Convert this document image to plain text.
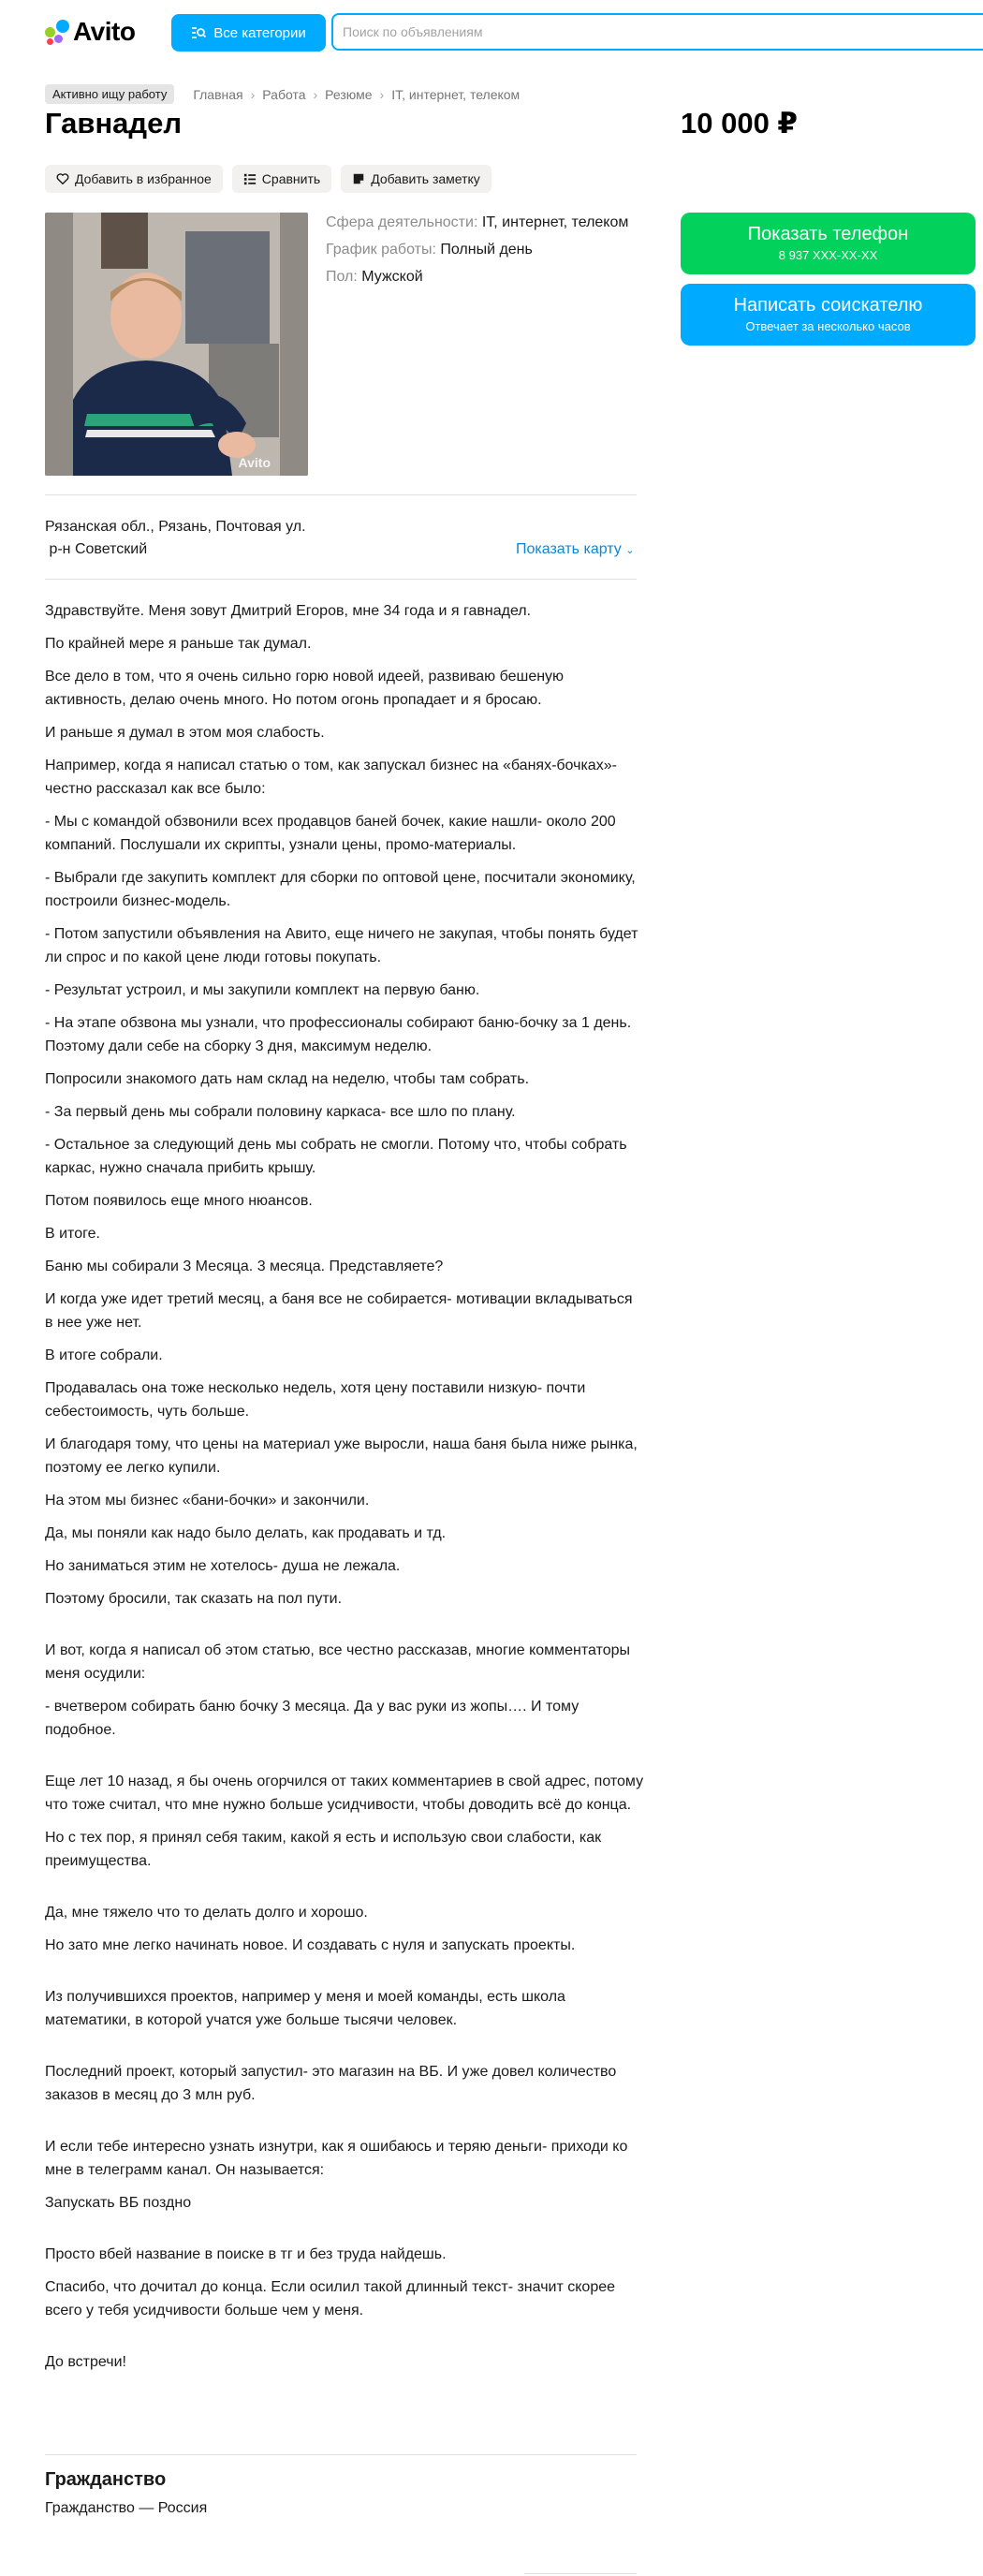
Avito	Все категории
Поиск по объявлениям
Активно ищу работу	Главная › Работа › Резюме › IT, интернет, телеком
Гавнадел	10 000 ₽
Добавить в избранное	Сравнить	Добавить заметку
Avito
Сфера деятельности: IT, интернет, телеком
График работы: Полный день
Пол: Мужской
Показать телефон
8 937 XXX-XX-XX
Написать соискателю
Отвечает за несколько часов
Рязанская обл., Рязань, Почтовая ул.
р-н Советский	Показать карту ⌄

Здравствуйте. Меня зовут Дмитрий Егоров, мне 34 года и я гавнадел.

По крайней мере я раньше так думал.

Все дело в том, что я очень сильно горю новой идеей, развиваю бешеную активность, делаю очень много. Но потом огонь пропадает и я бросаю.

И раньше я думал в этом моя слабость.

Например, когда я написал статью о том, как запускал бизнес на «банях-бочках»- честно рассказал как все было:

- Мы с командой обзвонили всех продавцов баней бочек, какие нашли- около 200 компаний. Послушали их скрипты, узнали цены, промо-материалы.

- Выбрали где закупить комплект для сборки по оптовой цене, посчитали экономику, построили бизнес-модель.

- Потом запустили объявления на Авито, еще ничего не закупая, чтобы понять будет ли спрос и по какой цене люди готовы покупать.

- Результат устроил, и мы закупили комплект на первую баню.

- На этапе обзвона мы узнали, что профессионалы собирают баню-бочку за 1 день. Поэтому дали себе на сборку 3 дня, максимум неделю.

Попросили знакомого дать нам склад на неделю, чтобы там собрать.

- За первый день мы собрали половину каркаса- все шло по плану.

- Остальное за следующий день мы собрать не смогли. Потому что, чтобы собрать каркас, нужно сначала прибить крышу.

Потом появилось еще много нюансов.

В итоге.

Баню мы собирали 3 Месяца. 3 месяца. Представляете?

И когда уже идет третий месяц, а баня все не собирается- мотивации вкладываться в нее уже нет.

В итоге собрали.

Продавалась она тоже несколько недель, хотя цену поставили низкую- почти себестоимость, чуть больше.

И благодаря тому, что цены на материал уже выросли, наша баня была ниже рынка, поэтому ее легко купили.

На этом мы бизнес «бани-бочки» и закончили.

Да, мы поняли как надо было делать, как продавать и тд.

Но заниматься этим не хотелось- душа не лежала.

Поэтому бросили, так сказать на пол пути.

И вот, когда я написал об этом статью, все честно рассказав, многие комментаторы меня осудили:

- вчетвером собирать баню бочку 3 месяца. Да у вас руки из жопы…. И тому подобное.

Еще лет 10 назад, я бы очень огорчился от таких комментариев в свой адрес, потому что тоже считал, что мне нужно больше усидчивости, чтобы доводить всё до конца.

Но с тех пор, я принял себя таким, какой я есть и использую свои слабости, как преимущества.

Да, мне тяжело что то делать долго и хорошо.

Но зато мне легко начинать новое. И создавать с нуля и запускать проекты.

Из получившихся проектов, например у меня и моей команды, есть школа математики, в которой учатся уже больше тысячи человек.

Последний проект, который запустил- это магазин на ВБ. И уже довел количество заказов в месяц до 3 млн руб.

И если тебе интересно узнать изнутри, как я ошибаюсь и теряю деньги- приходи ко мне в телеграмм канал. Он называется:

Запускать ВБ поздно

Просто вбей название в поиске в тг и без труда найдешь.

Спасибо, что дочитал до конца. Если осилил такой длинный текст- значит скорее всего у тебя усидчивости больше чем у меня.

До встречи!

Гражданство
Гражданство — Россия
